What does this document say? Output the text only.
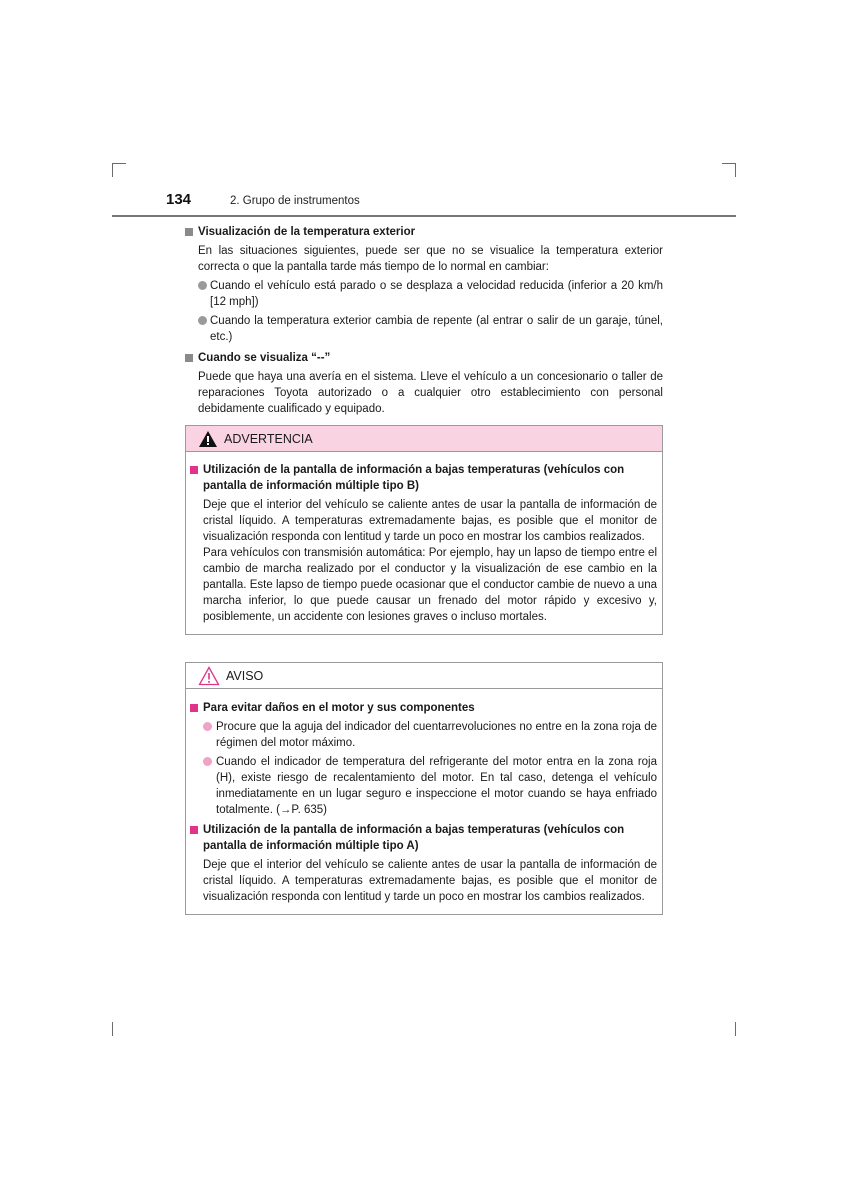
134	2. Grupo de instrumentos
Visualización de la temperatura exterior
En las situaciones siguientes, puede ser que no se visualice la temperatura exterior correcta o que la pantalla tarde más tiempo de lo normal en cambiar:
Cuando el vehículo está parado o se desplaza a velocidad reducida (inferior a 20 km/h [12 mph])
Cuando la temperatura exterior cambia de repente (al entrar o salir de un garaje, túnel, etc.)
Cuando se visualiza “--”
Puede que haya una avería en el sistema. Lleve el vehículo a un concesionario o taller de reparaciones Toyota autorizado o a cualquier otro establecimiento con personal debidamente cualificado y equipado.
ADVERTENCIA
Utilización de la pantalla de información a bajas temperaturas (vehículos con pantalla de información múltiple tipo B)
Deje que el interior del vehículo se caliente antes de usar la pantalla de información de cristal líquido. A temperaturas extremadamente bajas, es posible que el monitor de visualización responda con lentitud y tarde un poco en mostrar los cambios realizados.
Para vehículos con transmisión automática: Por ejemplo, hay un lapso de tiempo entre el cambio de marcha realizado por el conductor y la visualización de ese cambio en la pantalla. Este lapso de tiempo puede ocasionar que el conductor cambie de nuevo a una marcha inferior, lo que puede causar un frenado del motor rápido y excesivo y, posiblemente, un accidente con lesiones graves o incluso mortales.
AVISO
Para evitar daños en el motor y sus componentes
Procure que la aguja del indicador del cuentarrevoluciones no entre en la zona roja de régimen del motor máximo.
Cuando el indicador de temperatura del refrigerante del motor entra en la zona roja (H), existe riesgo de recalentamiento del motor. En tal caso, detenga el vehículo inmediatamente en un lugar seguro e inspeccione el motor cuando se haya enfriado totalmente. (→P. 635)
Utilización de la pantalla de información a bajas temperaturas (vehículos con pantalla de información múltiple tipo A)
Deje que el interior del vehículo se caliente antes de usar la pantalla de información de cristal líquido. A temperaturas extremadamente bajas, es posible que el monitor de visualización responda con lentitud y tarde un poco en mostrar los cambios realizados.
